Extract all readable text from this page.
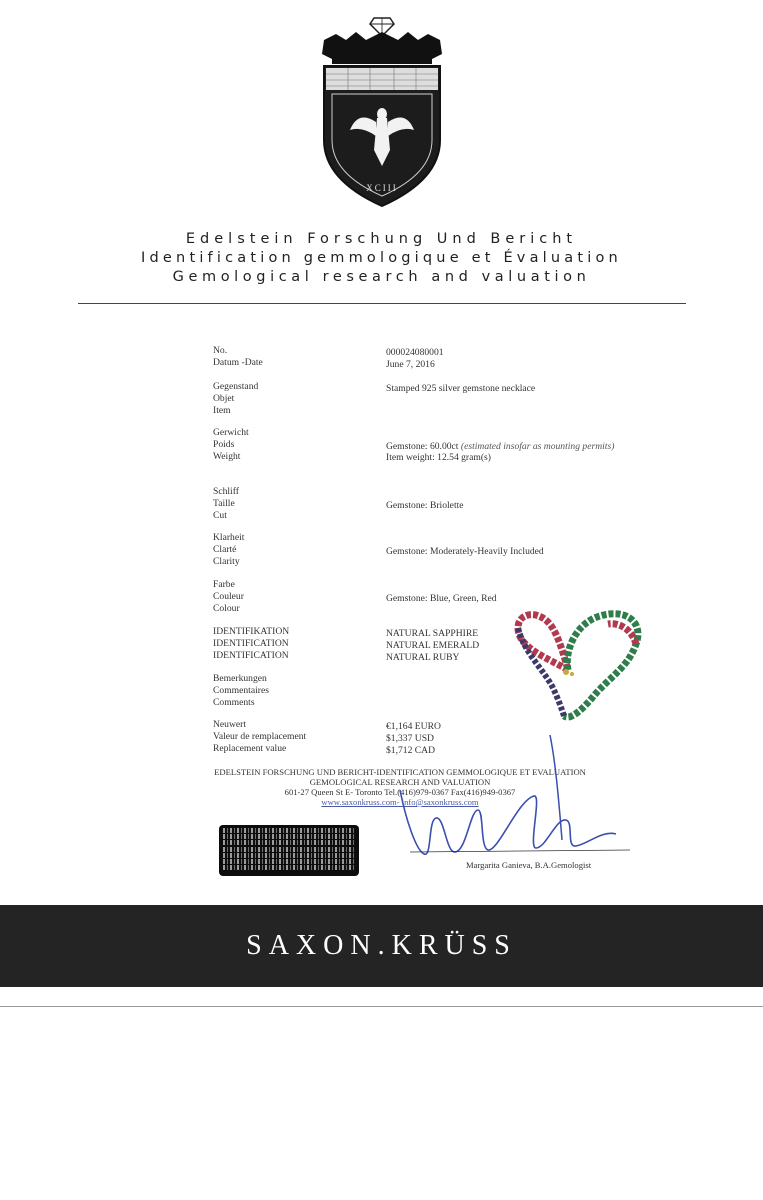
XCIII
Edelstein Forschung Und Bericht
Identification gemmologique et Évaluation
Gemological research and valuation
No.
Datum -Date
000024080001
June 7, 2016
Gegenstand
Objet
Item
Stamped 925 silver gemstone necklace
Gerwicht
Poids
Weight
Gemstone: 60.00ct (estimated insofar as mounting permits)
Item weight: 12.54 gram(s)
Schliff
Taille
Cut
Gemstone: Briolette
Klarheit
Clarté
Clarity
Gemstone: Moderately-Heavily Included
Farbe
Couleur
Colour
Gemstone: Blue, Green, Red
IDENTIFIKATION
IDENTIFICATION
IDENTIFICATION
NATURAL SAPPHIRE
NATURAL EMERALD
NATURAL RUBY
Bemerkungen
Commentaires
Comments
Neuwert
Valeur de remplacement
Replacement value
€1,164 EURO
$1,337 USD
$1,712 CAD
EDELSTEIN FORSCHUNG UND BERICHT-IDENTIFICATION GEMMOLOGIQUE ET EVALUATION
GEMOLOGICAL RESEARCH AND VALUATION
601-27 Queen St E- Toronto Tel.(416)979-0367 Fax(416)949-0367
www.saxonkruss.com- info@saxonkruss.com
Margarita Ganieva, B.A.Gemologist
SAXON.KRÜSS
